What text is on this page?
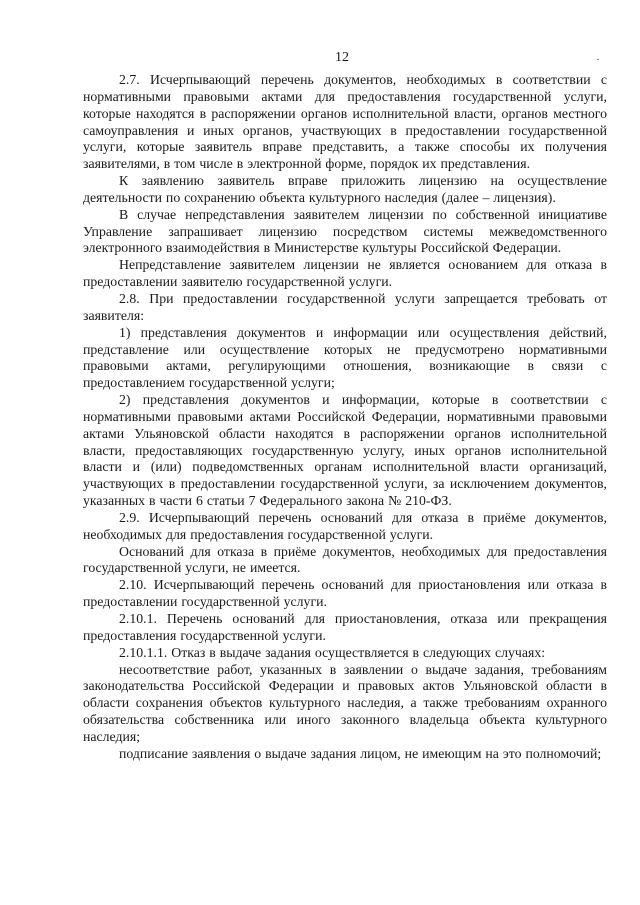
12	·

2.7. Исчерпывающий перечень документов, необходимых в соответствии с нормативными правовыми актами для предоставления государственной услуги, которые находятся в распоряжении органов исполнительной власти, органов местного самоуправления и иных органов, участвующих в предоставлении государственной услуги, которые заявитель вправе представить, а также способы их получения заявителями, в том числе в электронной форме, порядок их представления.

К заявлению заявитель вправе приложить лицензию на осуществление деятельности по сохранению объекта культурного наследия (далее – лицензия).

В случае непредставления заявителем лицензии по собственной инициативе Управление запрашивает лицензию посредством системы межведомственного электронного взаимодействия в Министерстве культуры Российской Федерации.

Непредставление заявителем лицензии не является основанием для отказа в предоставлении заявителю государственной услуги.

2.8. При предоставлении государственной услуги запрещается требовать от заявителя:

1) представления документов и информации или осуществления действий, представление или осуществление которых не предусмотрено нормативными правовыми актами, регулирующими отношения, возникающие в связи с предоставлением государственной услуги;

2) представления документов и информации, которые в соответствии с нормативными правовыми актами Российской Федерации, нормативными правовыми актами Ульяновской области находятся в распоряжении органов исполнительной власти, предоставляющих государственную услугу, иных органов исполнительной власти и (или) подведомственных органам исполнительной власти организаций, участвующих в предоставлении государственной услуги, за исключением документов, указанных в части 6 статьи 7 Федерального закона № 210-ФЗ.

2.9. Исчерпывающий перечень оснований для отказа в приёме документов, необходимых для предоставления государственной услуги.

Оснований для отказа в приёме документов, необходимых для предоставления государственной услуги, не имеется.

2.10. Исчерпывающий перечень оснований для приостановления или отказа в предоставлении государственной услуги.

2.10.1. Перечень оснований для приостановления, отказа или прекращения предоставления государственной услуги.

2.10.1.1. Отказ в выдаче задания осуществляется в следующих случаях:

несоответствие работ, указанных в заявлении о выдаче задания, требованиям законодательства Российской Федерации и правовых актов Ульяновской области в области сохранения объектов культурного наследия, а также требованиям охранного обязательства собственника или иного законного владельца объекта культурного наследия;

подписание заявления о выдаче задания лицом, не имеющим на это полномочий;
